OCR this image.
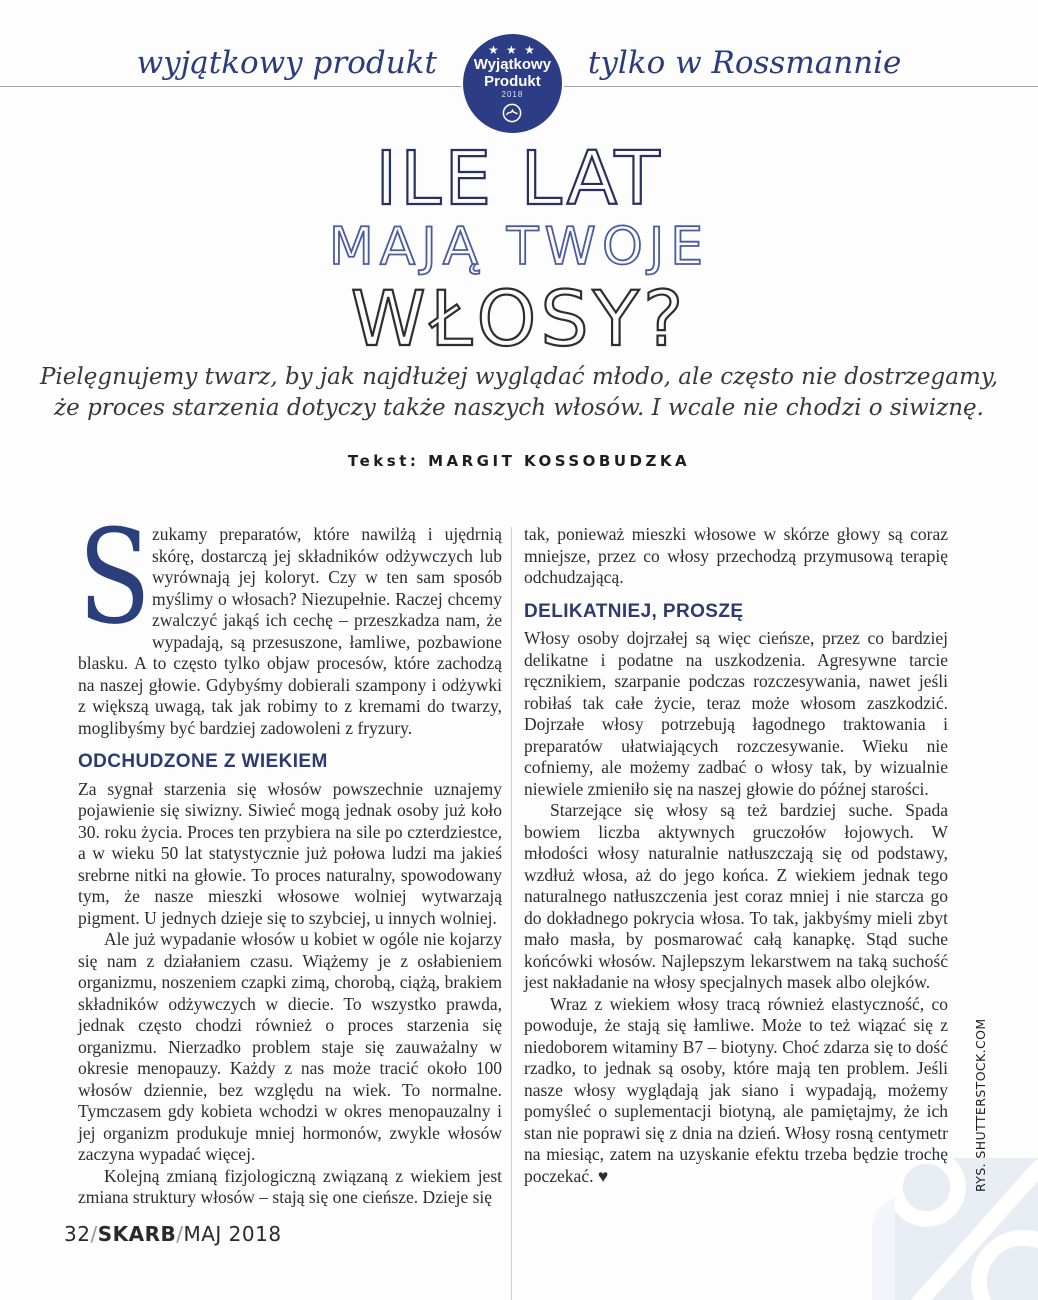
wyjątkowy produkt	★ ★ ★
Wyjątkowy
Produkt
2018
tylko w Rossmannie
ILE LAT
MAJĄ TWOJE
WŁOSY?
Pielęgnujemy twarz, by jak najdłużej wyglądać młodo, ale często nie dostrzegamy,
że proces starzenia dotyczy także naszych włosów. I wcale nie chodzi o siwiznę.
Tekst: MARGIT KOSSOBUDZKA

Szukamy preparatów, które nawilżą i ujędrnią skórę, dostarczą jej składników odżywczych lub wyrównają jej koloryt. Czy w ten sam sposób myślimy o włosach? Niezupełnie. Raczej chcemy zwalczyć jakąś ich cechę – przeszkadza nam, że wypadają, są przesuszone, łamliwe, pozbawione blasku. A to często tylko objaw procesów, które zachodzą na naszej głowie. Gdybyśmy dobierali szampony i odżywki z większą uwagą, tak jak robimy to z kremami do twarzy, moglibyśmy być bardziej zadowoleni z fryzury.

ODCHUDZONE Z WIEKIEM

Za sygnał starzenia się włosów powszechnie uznajemy pojawienie się siwizny. Siwieć mogą jednak osoby już koło 30. roku życia. Proces ten przybiera na sile po czterdziestce, a w wieku 50 lat statystycznie już połowa ludzi ma jakieś srebrne nitki na głowie. To proces naturalny, spowodowany tym, że nasze mieszki włosowe wolniej wytwarzają pigment. U jednych dzieje się to szybciej, u innych wolniej.

Ale już wypadanie włosów u kobiet w ogóle nie kojarzy się nam z działaniem czasu. Wiążemy je z osłabieniem organizmu, noszeniem czapki zimą, chorobą, ciążą, brakiem składników odżywczych w diecie. To wszystko prawda, jednak często chodzi również o proces starzenia się organizmu. Nierzadko problem staje się zauważalny w okresie menopauzy. Każdy z nas może tracić około 100 włosów dziennie, bez względu na wiek. To normalne. Tymczasem gdy kobieta wchodzi w okres menopauzalny i jej organizm produkuje mniej hormonów, zwykle włosów zaczyna wypadać więcej.

Kolejną zmianą fizjologiczną związaną z wiekiem jest zmiana struktury włosów – stają się one cieńsze. Dzieje się

tak, ponieważ mieszki włosowe w skórze głowy są coraz mniejsze, przez co włosy przechodzą przymusową terapię odchudzającą.

DELIKATNIEJ, PROSZĘ

Włosy osoby dojrzałej są więc cieńsze, przez co bardziej delikatne i podatne na uszkodzenia. Agresywne tarcie ręcznikiem, szarpanie podczas rozczesywania, nawet jeśli robiłaś tak całe życie, teraz może włosom zaszkodzić. Dojrzałe włosy potrzebują łagodnego traktowania i preparatów ułatwiających rozczesywanie. Wieku nie cofniemy, ale możemy zadbać o włosy tak, by wizualnie niewiele zmieniło się na naszej głowie do późnej starości.

Starzejące się włosy są też bardziej suche. Spada bowiem liczba aktywnych gruczołów łojowych. W młodości włosy naturalnie natłuszczają się od podstawy, wzdłuż włosa, aż do jego końca. Z wiekiem jednak tego naturalnego natłuszczenia jest coraz mniej i nie starcza go do dokładnego pokrycia włosa. To tak, jakbyśmy mieli zbyt mało masła, by posmarować całą kanapkę. Stąd suche końcówki włosów. Najlepszym lekarstwem na taką suchość jest nakładanie na włosy specjalnych masek albo olejków.

Wraz z wiekiem włosy tracą również elastyczność, co powoduje, że stają się łamliwe. Może to też wiązać się z niedoborem witaminy B7 – biotyny. Choć zdarza się to dość rzadko, to jednak są osoby, które mają ten problem. Jeśli nasze włosy wyglądają jak siano i wypadają, możemy pomyśleć o suplementacji biotyną, ale pamiętajmy, że ich stan nie poprawi się z dnia na dzień. Włosy rosną centymetr na miesiąc, zatem na uzyskanie efektu trzeba będzie trochę poczekać. ♥	RYS. SHUTTERSTOCK.COM
32/SKARB/MAJ 2018
